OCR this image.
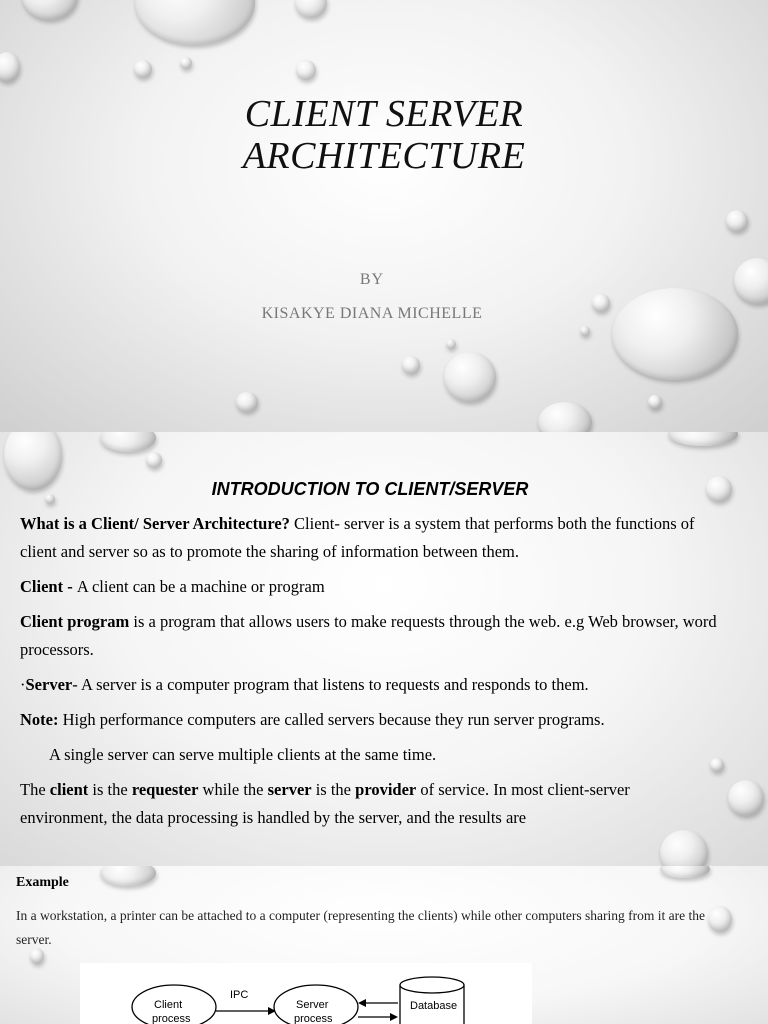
CLIENT SERVER
ARCHITECTURE
BY
KISAKYE DIANA MICHELLE
INTRODUCTION TO CLIENT/SERVER

What is a Client/ Server Architecture? Client- server is a system that performs both the functions of client and server so as to promote the sharing of information between them.

Client - A client can be a machine or program

Client program is a program that allows users to make requests through the web. e.g Web browser, word processors.

·Server- A server is a computer program that listens to requests and responds to them.

Note: High performance computers are called servers because they run server programs.

A single server can serve multiple clients at the same time.

The client is the requester while the server is the provider of service. In most client-server environment, the data processing is handled by the server, and the results are

Example
In a workstation, a printer can be attached to a computer (representing the clients) while other computers sharing from it are the server.
Client
process
IPC
Server
process
Database
